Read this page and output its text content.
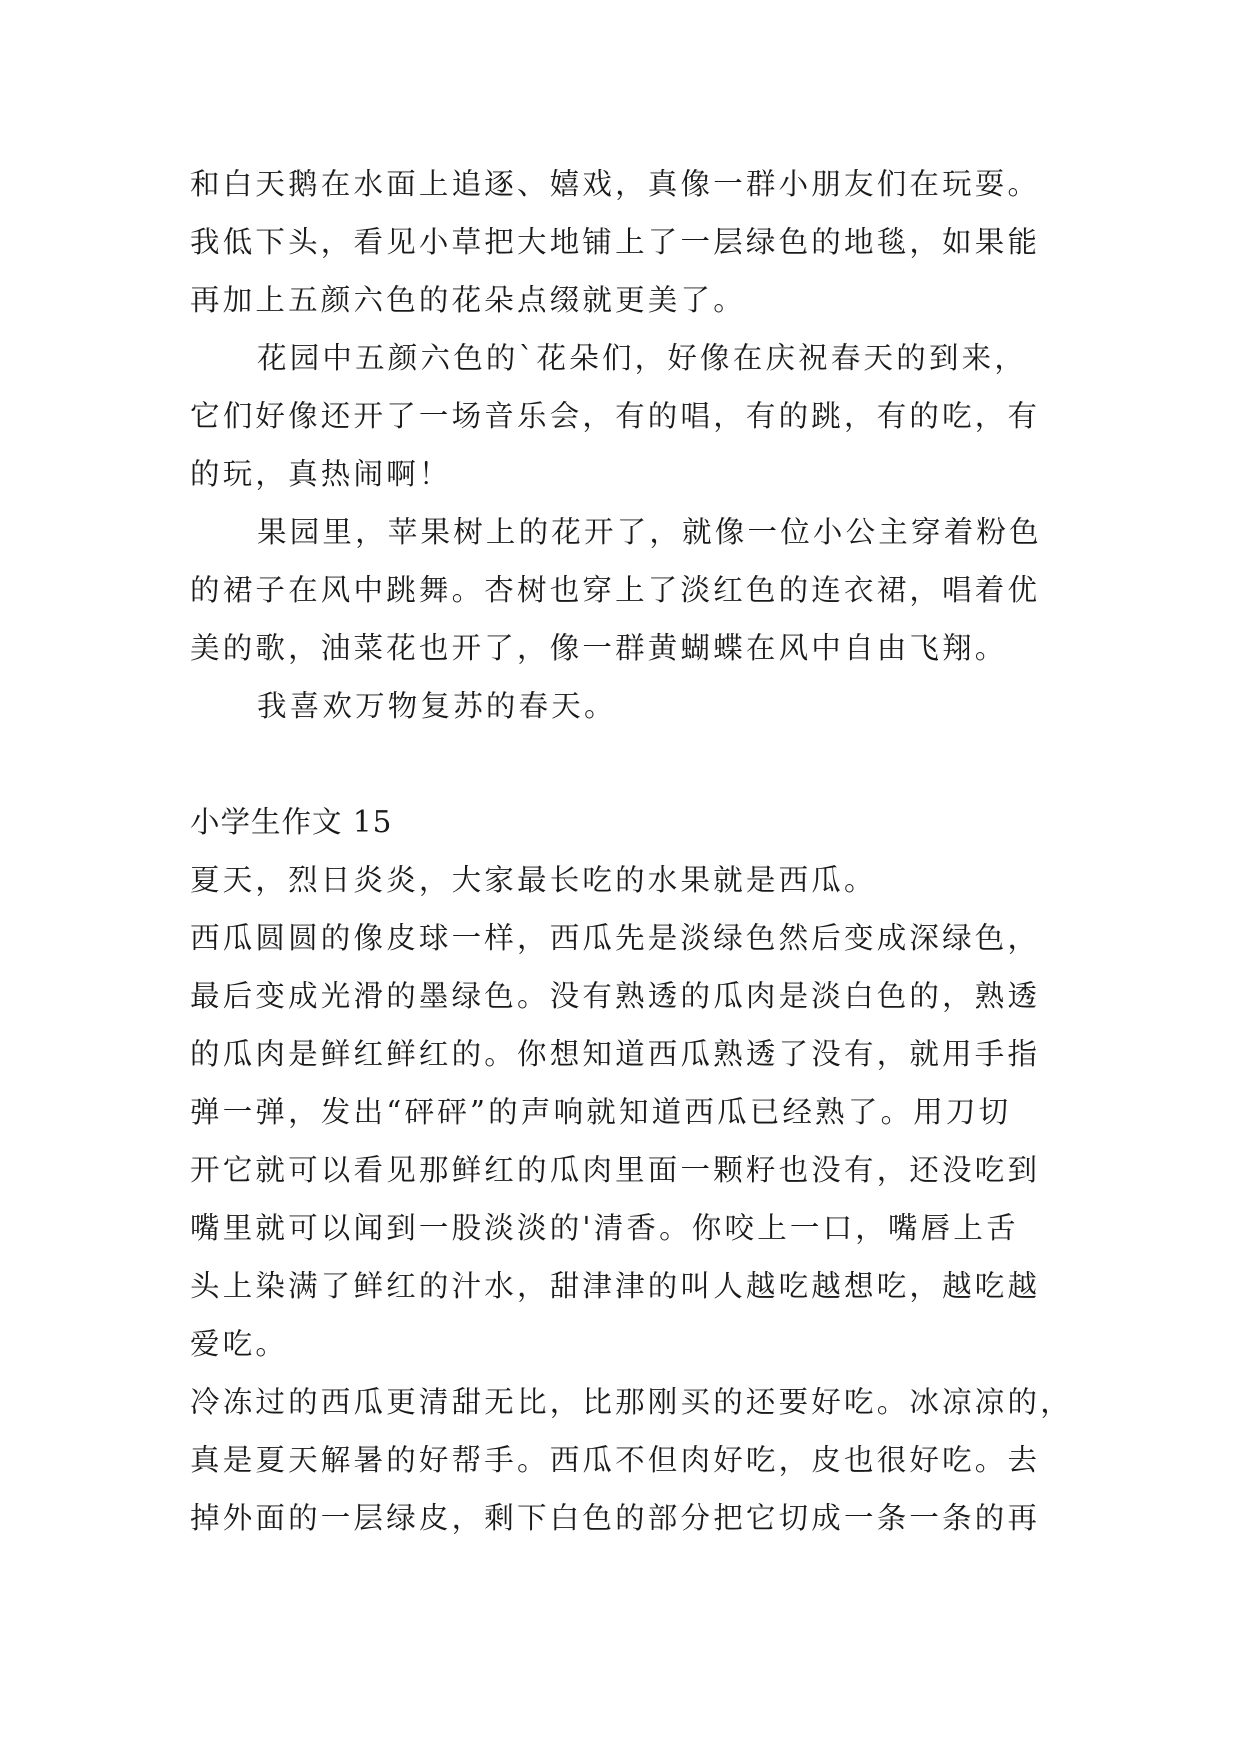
和白天鹅在水面上追逐、嬉戏，真像一群小朋友们在玩耍。
我低下头，看见小草把大地铺上了一层绿色的地毯，如果能
再加上五颜六色的花朵点缀就更美了。
花园中五颜六色的`花朵们，好像在庆祝春天的到来，
它们好像还开了一场音乐会，有的唱，有的跳，有的吃，有
的玩，真热闹啊！
果园里，苹果树上的花开了，就像一位小公主穿着粉色
的裙子在风中跳舞。杏树也穿上了淡红色的连衣裙，唱着优
美的歌，油菜花也开了，像一群黄蝴蝶在风中自由飞翔。
我喜欢万物复苏的春天。
小学生作文 15
夏天，烈日炎炎，大家最长吃的水果就是西瓜。
西瓜圆圆的像皮球一样，西瓜先是淡绿色然后变成深绿色，
最后变成光滑的墨绿色。没有熟透的瓜肉是淡白色的，熟透
的瓜肉是鲜红鲜红的。你想知道西瓜熟透了没有，就用手指
弹一弹，发出“砰砰”的声响就知道西瓜已经熟了。用刀切
开它就可以看见那鲜红的瓜肉里面一颗籽也没有，还没吃到
嘴里就可以闻到一股淡淡的'清香。你咬上一口，嘴唇上舌
头上染满了鲜红的汁水，甜津津的叫人越吃越想吃，越吃越
爱吃。
冷冻过的西瓜更清甜无比，比那刚买的还要好吃。冰凉凉的，
真是夏天解暑的好帮手。西瓜不但肉好吃，皮也很好吃。去
掉外面的一层绿皮，剩下白色的部分把它切成一条一条的再
